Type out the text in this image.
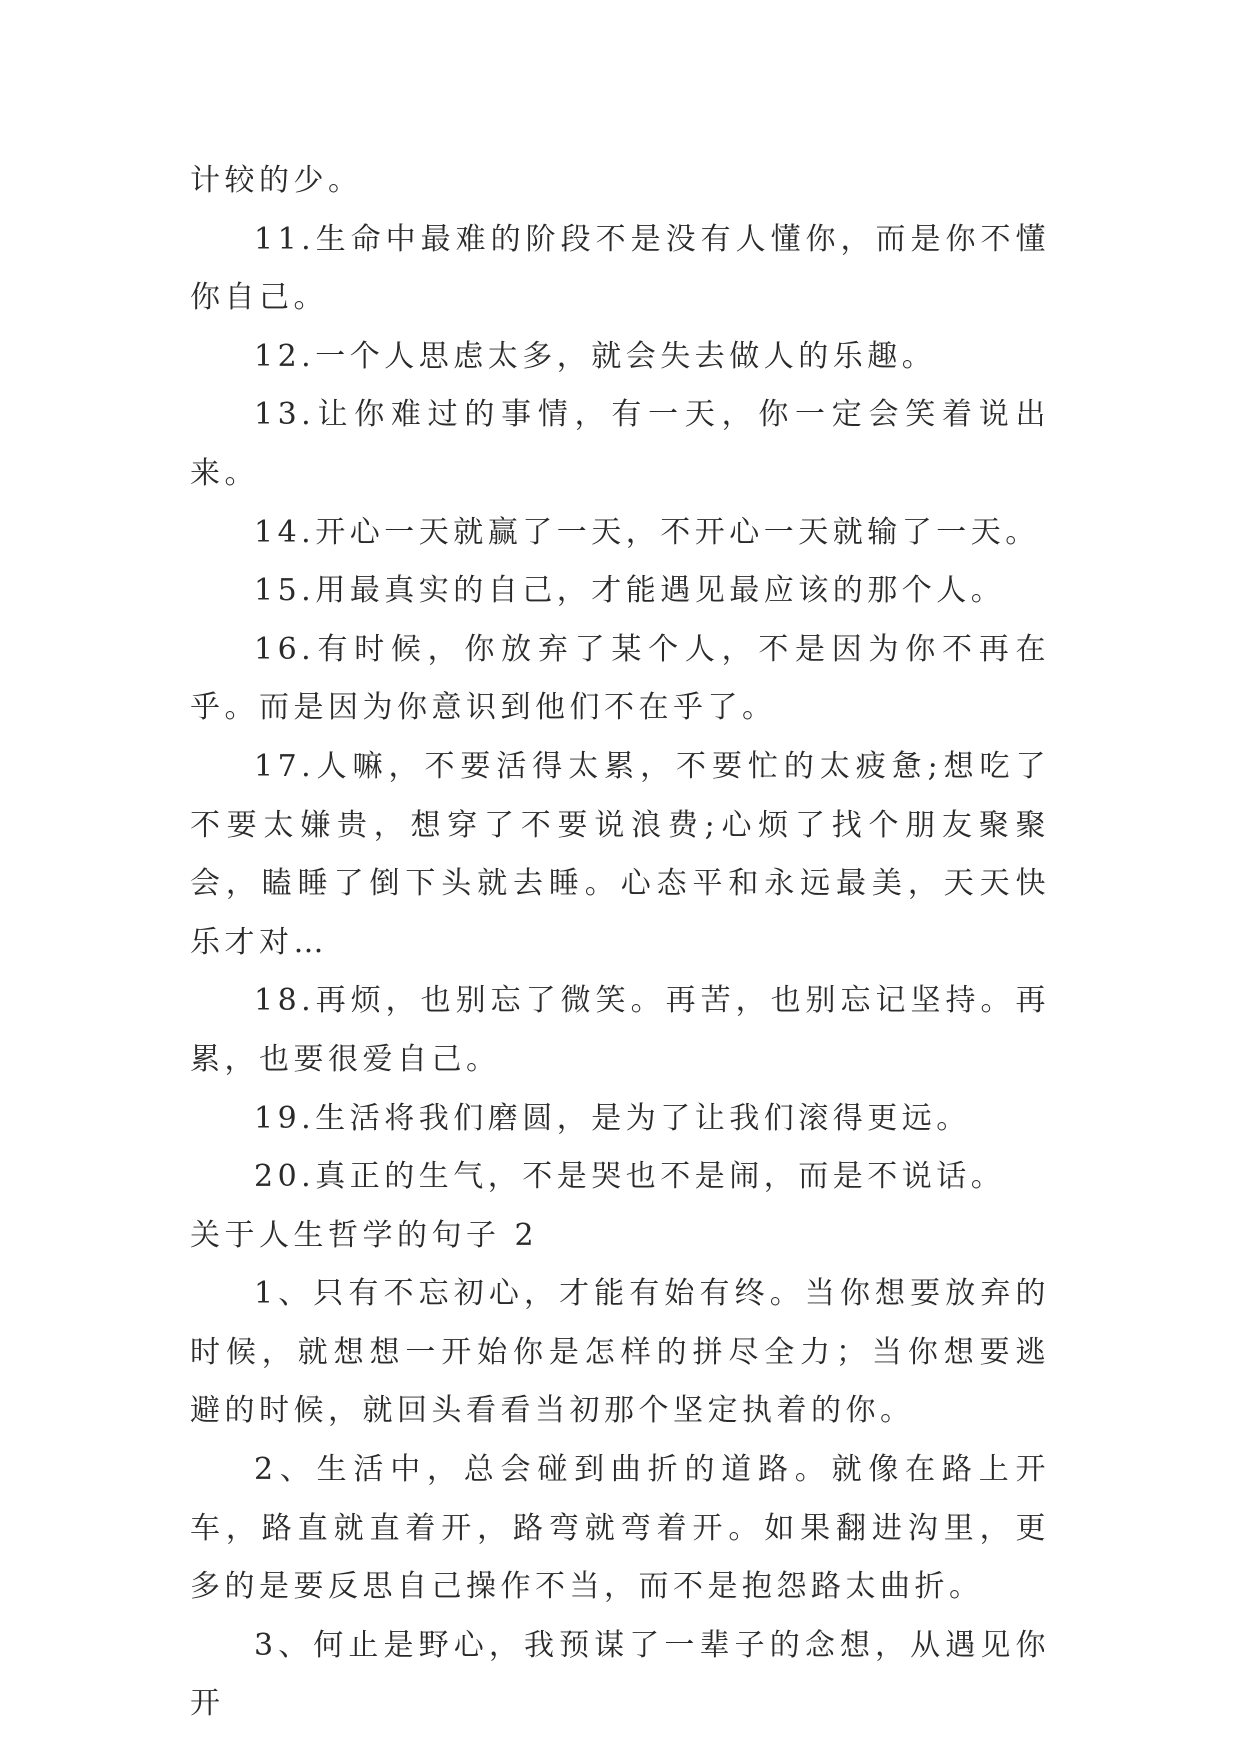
计较的少。

11.生命中最难的阶段不是没有人懂你，而是你不懂你自己。

12.一个人思虑太多，就会失去做人的乐趣。

13.让你难过的事情，有一天，你一定会笑着说出来。

14.开心一天就赢了一天，不开心一天就输了一天。

15.用最真实的自己，才能遇见最应该的那个人。

16.有时候，你放弃了某个人，不是因为你不再在乎。而是因为你意识到他们不在乎了。

17.人嘛，不要活得太累，不要忙的太疲惫;想吃了不要太嫌贵，想穿了不要说浪费;心烦了找个朋友聚聚会，瞌睡了倒下头就去睡。心态平和永远最美，天天快乐才对…

18.再烦，也别忘了微笑。再苦，也别忘记坚持。再累，也要很爱自己。

19.生活将我们磨圆，是为了让我们滚得更远。

20.真正的生气，不是哭也不是闹，而是不说话。

关于人生哲学的句子 2

1、只有不忘初心，才能有始有终。当你想要放弃的时候，就想想一开始你是怎样的拼尽全力；当你想要逃避的时候，就回头看看当初那个坚定执着的你。

2、生活中，总会碰到曲折的道路。就像在路上开车，路直就直着开，路弯就弯着开。如果翻进沟里，更多的是要反思自己操作不当，而不是抱怨路太曲折。

3、何止是野心，我预谋了一辈子的念想，从遇见你开
